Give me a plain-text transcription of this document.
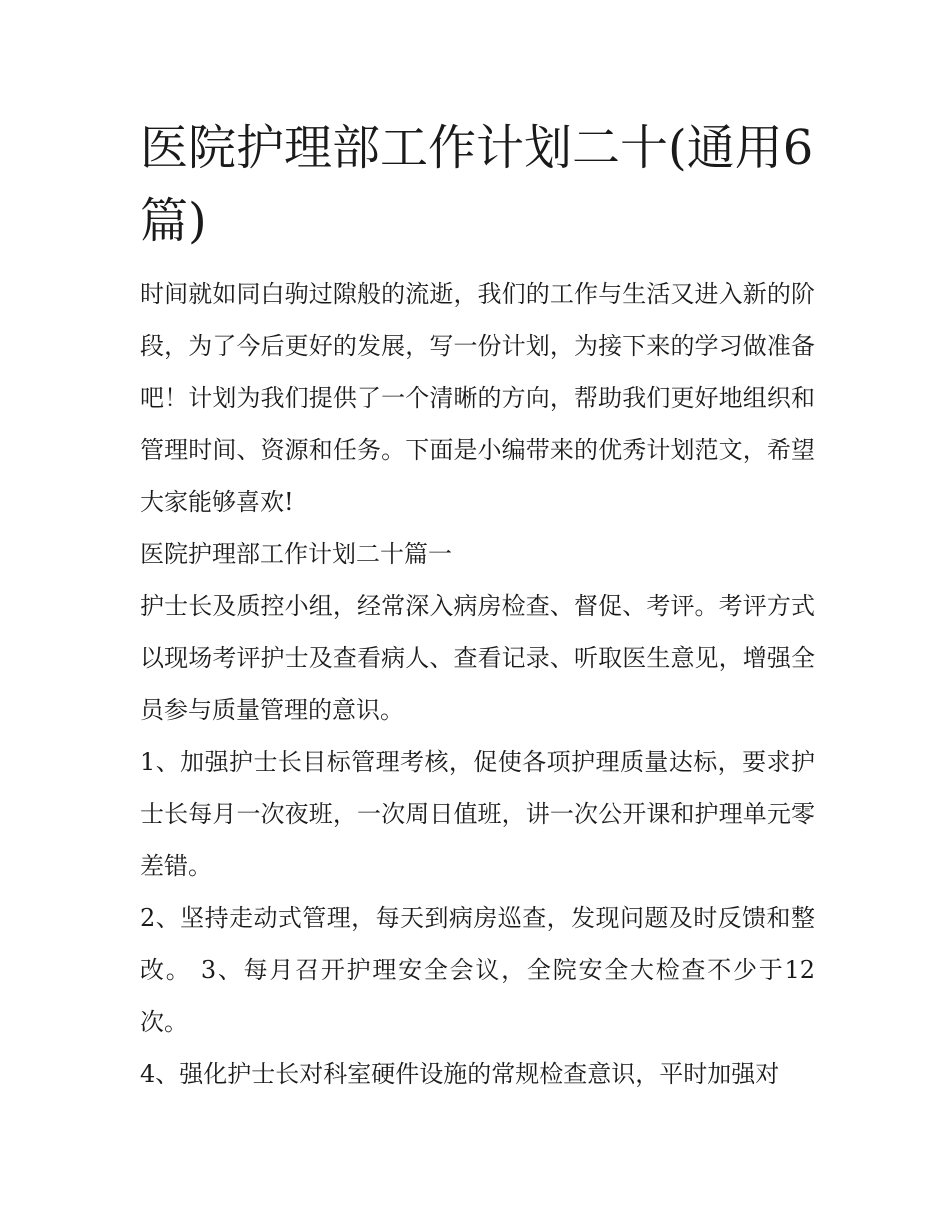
医院护理部工作计划二十(通用6篇)

时间就如同白驹过隙般的流逝，我们的工作与生活又进入新的阶段，为了今后更好的发展，写一份计划，为接下来的学习做准备吧！计划为我们提供了一个清晰的方向，帮助我们更好地组织和管理时间、资源和任务。下面是小编带来的优秀计划范文，希望大家能够喜欢!

医院护理部工作计划二十篇一

护士长及质控小组，经常深入病房检查、督促、考评。考评方式以现场考评护士及查看病人、查看记录、听取医生意见，增强全员参与质量管理的意识。

1、加强护士长目标管理考核，促使各项护理质量达标，要求护士长每月一次夜班，一次周日值班，讲一次公开课和护理单元零差错。

2、坚持走动式管理，每天到病房巡查，发现问题及时反馈和整改。 3、每月召开护理安全会议，全院安全大检查不少于12次。

4、强化护士长对科室硬件设施的常规检查意识，平时加强对
